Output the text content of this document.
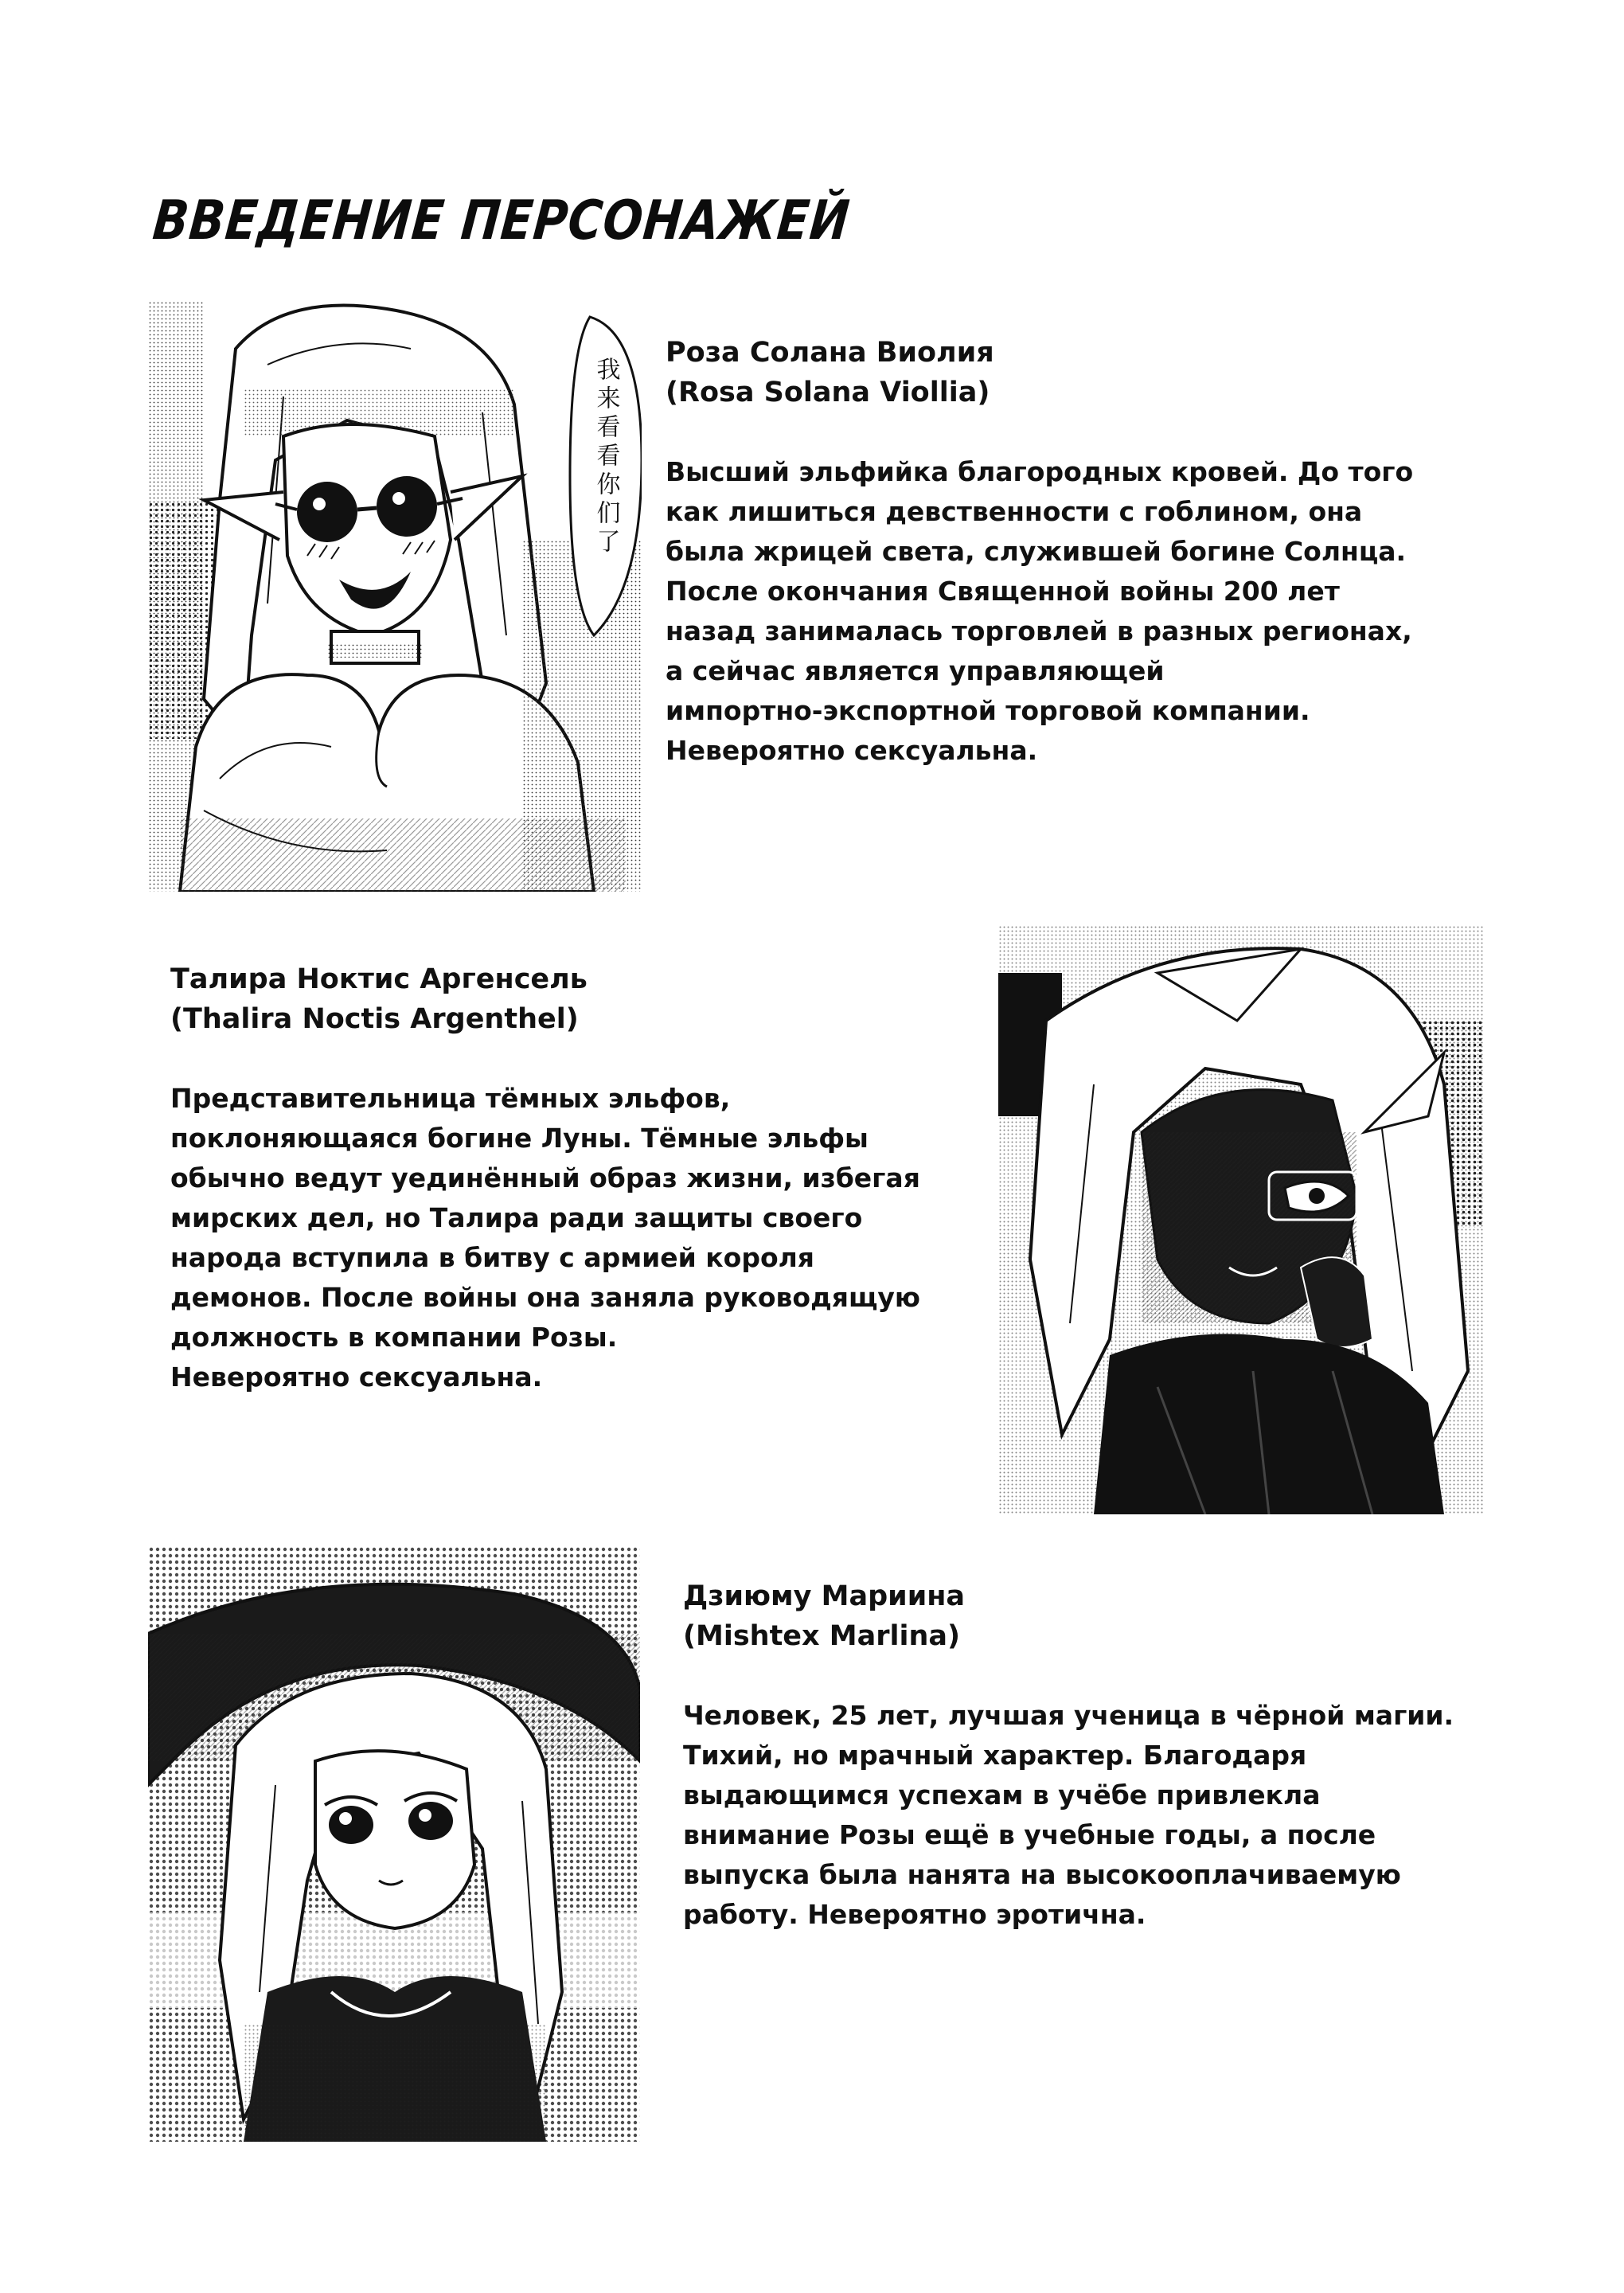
ВВЕДЕНИЕ ПЕРСОНАЖЕЙ
我来看看你们了

Роза Солана Виолия

(Rosa Solana Viollia)

Высший эльфийка благородных кровей. До того

как лишиться девственности с гоблином, она

была жрицей света, служившей богине Солнца.

После окончания Священной войны 200 лет

назад занималась торговлей в разных регионах,

а сейчас является управляющей

импортно-экспортной торговой компании.

Невероятно сексуальна.

Талира Ноктис Аргенсель

(Thalira Noctis Argenthel)

Представительница тёмных эльфов,

поклоняющаяся богине Луны. Тёмные эльфы

обычно ведут уединённый образ жизни, избегая

мирских дел, но Талира ради защиты своего

народа вступила в битву с армией короля

демонов. После войны она заняла руководящую

должность в компании Розы.

Невероятно сексуальна.

Дзиюму Мариина

(Mishtex Marlina)

Человек, 25 лет, лучшая ученица в чёрной магии.

Тихий, но мрачный характер. Благодаря

выдающимся успехам в учёбе привлекла

внимание Розы ещё в учебные годы, а после

выпуска была нанята на высокооплачиваемую

работу. Невероятно эротична.
